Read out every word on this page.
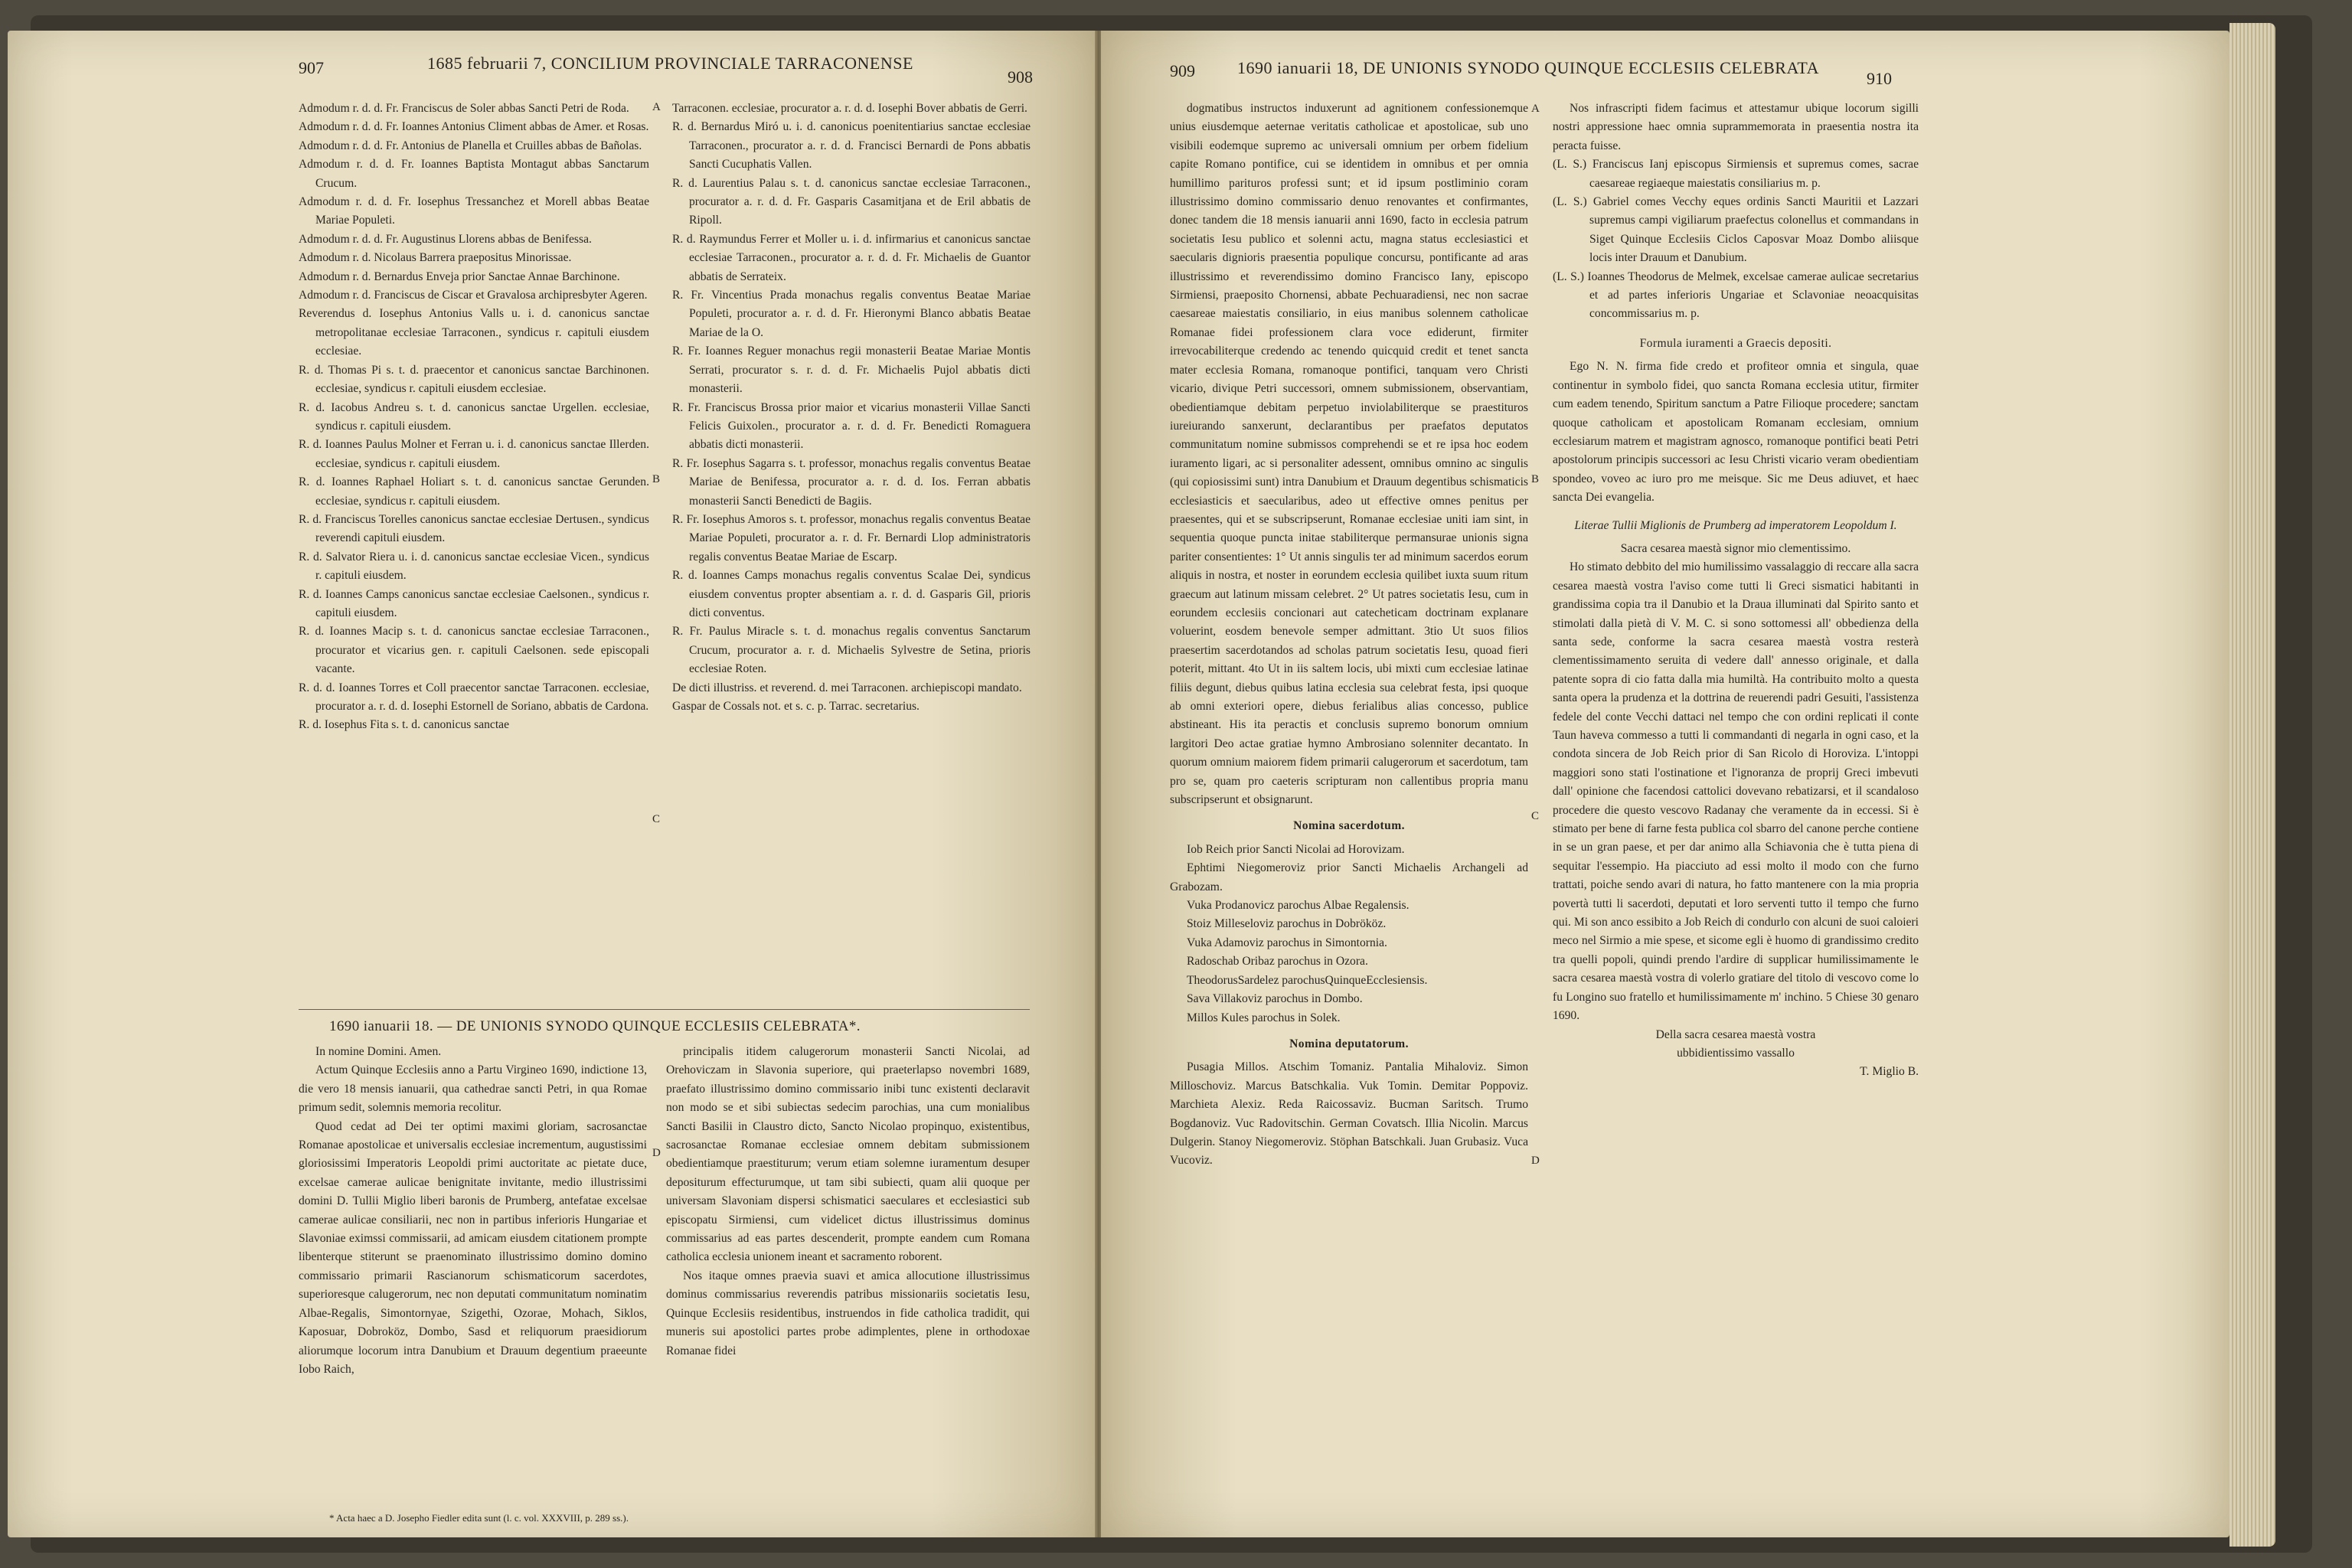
907	1685 februarii 7, CONCILIUM PROVINCIALE TARRACONENSE
908

Admodum r. d. d. Fr. Franciscus de Soler abbas Sancti Petri de Roda.

Admodum r. d. d. Fr. Ioannes Antonius Climent abbas de Amer. et Rosas.

Admodum r. d. d. Fr. Antonius de Planella et Cruilles abbas de Bañolas.

Admodum r. d. d. Fr. Ioannes Baptista Montagut abbas Sanctarum Crucum.

Admodum r. d. d. Fr. Iosephus Tressanchez et Morell abbas Beatae Mariae Populeti.

Admodum r. d. d. Fr. Augustinus Llorens abbas de Benifessa.

Admodum r. d. Nicolaus Barrera praepositus Minorissae.

Admodum r. d. Bernardus Enveja prior Sanctae Annae Barchinone.

Admodum r. d. Franciscus de Ciscar et Gravalosa archipresbyter Ageren.

Reverendus d. Iosephus Antonius Valls u. i. d. canonicus sanctae metropolitanae ecclesiae Tarraconen., syndicus r. capituli eiusdem ecclesiae.

R. d. Thomas Pi s. t. d. praecentor et canonicus sanctae Barchinonen. ecclesiae, syndicus r. capituli eiusdem ecclesiae.

R. d. Iacobus Andreu s. t. d. canonicus sanctae Urgellen. ecclesiae, syndicus r. capituli eiusdem.

R. d. Ioannes Paulus Molner et Ferran u. i. d. canonicus sanctae Illerden. ecclesiae, syndicus r. capituli eiusdem.

R. d. Ioannes Raphael Holiart s. t. d. canonicus sanctae Gerunden. ecclesiae, syndicus r. capituli eiusdem.

R. d. Franciscus Torelles canonicus sanctae ecclesiae Dertusen., syndicus reverendi capituli eiusdem.

R. d. Salvator Riera u. i. d. canonicus sanctae ecclesiae Vicen., syndicus r. capituli eiusdem.

R. d. Ioannes Camps canonicus sanctae ecclesiae Caelsonen., syndicus r. capituli eiusdem.

R. d. Ioannes Macip s. t. d. canonicus sanctae ecclesiae Tarraconen., procurator et vicarius gen. r. capituli Caelsonen. sede episcopali vacante.

R. d. d. Ioannes Torres et Coll praecentor sanctae Tarraconen. ecclesiae, procurator a. r. d. d. Iosephi Estornell de Soriano, abbatis de Cardona.

R. d. Iosephus Fita s. t. d. canonicus sanctae

Tarraconen. ecclesiae, procurator a. r. d. d. Iosephi Bover abbatis de Gerri.

R. d. Bernardus Miró u. i. d. canonicus poenitentiarius sanctae ecclesiae Tarraconen., procurator a. r. d. d. Francisci Bernardi de Pons abbatis Sancti Cucuphatis Vallen.

R. d. Laurentius Palau s. t. d. canonicus sanctae ecclesiae Tarraconen., procurator a. r. d. d. Fr. Gasparis Casamitjana et de Eril abbatis de Ripoll.

R. d. Raymundus Ferrer et Moller u. i. d. infirmarius et canonicus sanctae ecclesiae Tarraconen., procurator a. r. d. d. Fr. Michaelis de Guantor abbatis de Serrateix.

R. Fr. Vincentius Prada monachus regalis conventus Beatae Mariae Populeti, procurator a. r. d. d. Fr. Hieronymi Blanco abbatis Beatae Mariae de la O.

R. Fr. Ioannes Reguer monachus regii monasterii Beatae Mariae Montis Serrati, procurator s. r. d. d. Fr. Michaelis Pujol abbatis dicti monasterii.

R. Fr. Franciscus Brossa prior maior et vicarius monasterii Villae Sancti Felicis Guixolen., procurator a. r. d. d. Fr. Benedicti Romaguera abbatis dicti monasterii.

R. Fr. Iosephus Sagarra s. t. professor, monachus regalis conventus Beatae Mariae de Benifessa, procurator a. r. d. d. Ios. Ferran abbatis monasterii Sancti Benedicti de Bagiis.

R. Fr. Iosephus Amoros s. t. professor, monachus regalis conventus Beatae Mariae Populeti, procurator a. r. d. Fr. Bernardi Llop administratoris regalis conventus Beatae Mariae de Escarp.

R. d. Ioannes Camps monachus regalis conventus Scalae Dei, syndicus eiusdem conventus propter absentiam a. r. d. d. Gasparis Gil, prioris dicti conventus.

R. Fr. Paulus Miracle s. t. d. monachus regalis conventus Sanctarum Crucum, procurator a. r. d. Michaelis Sylvestre de Setina, prioris ecclesiae Roten.

De dicti illustriss. et reverend. d. mei Tarraconen. archiepiscopi mandato.

Gaspar de Cossals not. et s. c. p. Tarrac. secretarius.

A
B
C
D
1690 ianuarii 18. — DE UNIONIS SYNODO QUINQUE ECCLESIIS CELEBRATA*.

In nomine Domini. Amen.

Actum Quinque Ecclesiis anno a Partu Virgineo 1690, indictione 13, die vero 18 mensis ianuarii, qua cathedrae sancti Petri, in qua Romae primum sedit, solemnis memoria recolitur.

Quod cedat ad Dei ter optimi maximi gloriam, sacrosanctae Romanae apostolicae et universalis ecclesiae incrementum, augustissimi gloriosissimi Imperatoris Leopoldi primi auctoritate ac pietate duce, excelsae camerae aulicae benignitate invitante, medio illustrissimi domini D. Tullii Miglio liberi baronis de Prumberg, antefatae excelsae camerae aulicae consiliarii, nec non in partibus inferioris Hungariae et Slavoniae eximssi commissarii, ad amicam eiusdem citationem prompte libenterque stiterunt se praenominato illustrissimo domino domino commissario primarii Rascianorum schismaticorum sacerdotes, superioresque calugerorum, nec non deputati communitatum nominatim Albae-Regalis, Simontornyae, Szigethi, Ozorae, Mohach, Siklos, Kaposuar, Dobroköz, Dombo, Sasd et reliquorum praesidiorum aliorumque locorum intra Danubium et Drauum degentium praeeunte Iobo Raich,

principalis itidem calugerorum monasterii Sancti Nicolai, ad Orehoviczam in Slavonia superiore, qui praeterlapso novembri 1689, praefato illustrissimo domino commissario inibi tunc existenti declaravit non modo se et sibi subiectas sedecim parochias, una cum monialibus Sancti Basilii in Claustro dicto, Sancto Nicolao propinquo, existentibus, sacrosanctae Romanae ecclesiae omnem debitam submissionem obedientiamque praestiturum; verum etiam solemne iuramentum desuper depositurum effecturumque, ut tam sibi subiecti, quam alii quoque per universam Slavoniam dispersi schismatici saeculares et ecclesiastici sub episcopatu Sirmiensi, cum videlicet dictus illustrissimus dominus commissarius ad eas partes descenderit, prompte eandem cum Romana catholica ecclesia unionem ineant et sacramento roborent.

Nos itaque omnes praevia suavi et amica allocutione illustrissimus dominus commissarius reverendis patribus missionariis societatis Iesu, Quinque Ecclesiis residentibus, instruendos in fide catholica tradidit, qui muneris sui apostolici partes probe adimplentes, plene in orthodoxae Romanae fidei

* Acta haec a D. Josepho Fiedler edita sunt (l. c. vol. XXXVIII, p. 289 ss.).
909	1690 ianuarii 18, DE UNIONIS SYNODO QUINQUE ECCLESIIS CELEBRATA
910

dogmatibus instructos induxerunt ad agnitionem confessionemque unius eiusdemque aeternae veritatis catholicae et apostolicae, sub uno visibili eodemque supremo ac universali omnium per orbem fidelium capite Romano pontifice, cui se identidem in omnibus et per omnia humillimo parituros professi sunt; et id ipsum postliminio coram illustrissimo domino commissario denuo renovantes et confirmantes, donec tandem die 18 mensis ianuarii anni 1690, facto in ecclesia patrum societatis Iesu publico et solenni actu, magna status ecclesiastici et saecularis dignioris praesentia populique concursu, pontificante ad aras illustrissimo et reverendissimo domino Francisco Iany, episcopo Sirmiensi, praeposito Chornensi, abbate Pechuaradiensi, nec non sacrae caesareae maiestatis consiliario, in eius manibus solennem catholicae Romanae fidei professionem clara voce ediderunt, firmiter irrevocabiliterque credendo ac tenendo quicquid credit et tenet sancta mater ecclesia Romana, romanoque pontifici, tanquam vero Christi vicario, divique Petri successori, omnem submissionem, observantiam, obedientiamque debitam perpetuo inviolabiliterque se praestituros iureiurando sanxerunt, declarantibus per praefatos deputatos communitatum nomine submissos comprehendi se et re ipsa hoc eodem iuramento ligari, ac si personaliter adessent, omnibus omnino ac singulis (qui copiosissimi sunt) intra Danubium et Drauum degentibus schismaticis ecclesiasticis et saecularibus, adeo ut effective omnes penitus per praesentes, qui et se subscripserunt, Romanae ecclesiae uniti iam sint, in sequentia quoque puncta initae stabiliterque permansurae unionis signa pariter consentientes: 1° Ut annis singulis ter ad minimum sacerdos eorum aliquis in nostra, et noster in eorundem ecclesia quilibet iuxta suum ritum graecum aut latinum missam celebret. 2° Ut patres societatis Iesu, cum in eorundem ecclesiis concionari aut catecheticam doctrinam explanare voluerint, eosdem benevole semper admittant. 3tio Ut suos filios praesertim sacerdotandos ad scholas patrum societatis Iesu, quoad fieri poterit, mittant. 4to Ut in iis saltem locis, ubi mixti cum ecclesiae latinae filiis degunt, diebus quibus latina ecclesia sua celebrat festa, ipsi quoque ab omni exteriori opere, diebus ferialibus alias concesso, publice abstineant. His ita peractis et conclusis supremo bonorum omnium largitori Deo actae gratiae hymno Ambrosiano solenniter decantato. In quorum omnium maiorem fidem primarii calugerorum et sacerdotum, tam pro se, quam pro caeteris scripturam non callentibus propria manu subscripserunt et obsignarunt.

Nomina sacerdotum.

Iob Reich prior Sancti Nicolai ad Horovizam.

Ephtimi Niegomeroviz prior Sancti Michaelis Archangeli ad Grabozam.

Vuka Prodanovicz parochus Albae Regalensis.

Stoiz Milleseloviz parochus in Dobrököz.

Vuka Adamoviz parochus in Simontornia.

Radoschab Oribaz parochus in Ozora.

TheodorusSardelez parochusQuinqueEcclesiensis.

Sava Villakoviz parochus in Dombo.

Millos Kules parochus in Solek.

Nomina deputatorum.

Pusagia Millos. Atschim Tomaniz. Pantalia Mihaloviz. Simon Milloschoviz. Marcus Batschkalia. Vuk Tomin. Demitar Poppoviz. Marchieta Alexiz. Reda Raicossaviz. Bucman Saritsch. Trumo Bogdanoviz. Vuc Radovitschin. German Covatsch. Illia Nicolin. Marcus Dulgerin. Stanoy Niegomeroviz. Stöphan Batschkali. Juan Grubasiz. Vuca Vucoviz.

A
B
C
D

Nos infrascripti fidem facimus et attestamur ubique locorum sigilli nostri appressione haec omnia suprammemorata in praesentia nostra ita peracta fuisse.

(L. S.) Franciscus Ianj episcopus Sirmiensis et supremus comes, sacrae caesareae regiaeque maiestatis consiliarius m. p.

(L. S.) Gabriel comes Vecchy eques ordinis Sancti Mauritii et Lazzari supremus campi vigiliarum praefectus colonellus et commandans in Siget Quinque Ecclesiis Ciclos Caposvar Moaz Dombo aliisque locis inter Drauum et Danubium.

(L. S.) Ioannes Theodorus de Melmek, excelsae camerae aulicae secretarius et ad partes inferioris Ungariae et Sclavoniae neoacquisitas concommissarius m. p.

Formula iuramenti a Graecis depositi.

Ego N. N. firma fide credo et profiteor omnia et singula, quae continentur in symbolo fidei, quo sancta Romana ecclesia utitur, firmiter cum eadem tenendo, Spiritum sanctum a Patre Filioque procedere; sanctam quoque catholicam et apostolicam Romanam ecclesiam, omnium ecclesiarum matrem et magistram agnosco, romanoque pontifici beati Petri apostolorum principis successori ac Iesu Christi vicario veram obedientiam spondeo, voveo ac iuro pro me meisque. Sic me Deus adiuvet, et haec sancta Dei evangelia.

Literae Tullii Miglionis de Prumberg ad imperatorem Leopoldum I.

Sacra cesarea maestà signor mio clementissimo.

Ho stimato debbito del mio humilissimo vassalaggio di reccare alla sacra cesarea maestà vostra l'aviso come tutti li Greci sismatici habitanti in grandissima copia tra il Danubio et la Draua illuminati dal Spirito santo et stimolati dalla pietà di V. M. C. si sono sottomessi all' obbedienza della santa sede, conforme la sacra cesarea maestà vostra resterà clementissimamento seruita di vedere dall' annesso originale, et dalla patente sopra di cio fatta dalla mia humiltà. Ha contribuito molto a questa santa opera la prudenza et la dottrina de reuerendi padri Gesuiti, l'assistenza fedele del conte Vecchi dattaci nel tempo che con ordini replicati il conte Taun haveva commesso a tutti li commandanti di negarla in ogni caso, et la condota sincera de Job Reich prior di San Ricolo di Horoviza. L'intoppi maggiori sono stati l'ostinatione et l'ignoranza de proprij Greci imbevuti dall' opinione che facendosi cattolici dovevano rebatizarsi, et il scandaloso procedere die questo vescovo Radanay che veramente da in eccessi. Si è stimato per bene di farne festa publica col sbarro del canone perche contiene in se un gran paese, et per dar animo alla Schiavonia che è tutta piena di sequitar l'essempio. Ha piacciuto ad essi molto il modo con che furno trattati, poiche sendo avari di natura, ho fatto mantenere con la mia propria povertà tutti li sacerdoti, deputati et loro serventi tutto il tempo che furno qui. Mi son anco essibito a Job Reich di condurlo con alcuni de suoi caloieri meco nel Sirmio a mie spese, et sicome egli è huomo di grandissimo credito tra quelli popoli, quindi prendo l'ardire di supplicar humilissimamente le sacra cesarea maestà vostra di volerlo gratiare del titolo di vescovo come lo fu Longino suo fratello et humilissimamente m' inchino. 5 Chiese 30 genaro 1690.

Della sacra cesarea maestà vostra

ubbidientissimo vassallo

T. Miglio B.
